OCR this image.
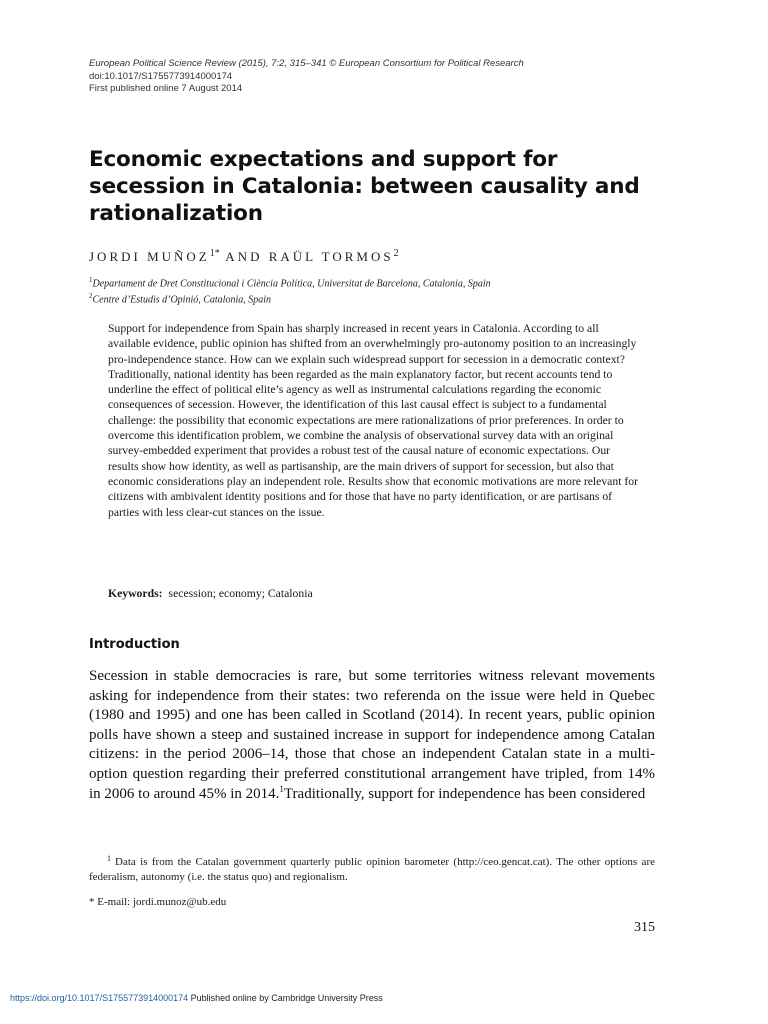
European Political Science Review (2015), 7:2, 315–341 © European Consortium for Political Research
doi:10.1017/S1755773914000174
First published online 7 August 2014
Economic expectations and support for secession in Catalonia: between causality and rationalization
JORDI $MUÑOZ^{1*}$ AND RAÜL TORMOS$^2$
$^1$Departament de Dret Constitucional i Ciència Política, Universitat de Barcelona, Catalonia, Spain
$^2$Centre d’Estudis d’Opinió, Catalonia, Spain

Support for independence from Spain has sharply increased in recent years in Catalonia. According to all available evidence, public opinion has shifted from an overwhelmingly pro-autonomy position to an increasingly pro-independence stance. How can we explain such widespread support for secession in a democratic context? Traditionally, national identity has been regarded as the main explanatory factor, but recent accounts tend to underline the effect of political elite’s agency as well as instrumental calculations regarding the economic consequences of secession. However, the identification of this last causal effect is subject to a fundamental challenge: the possibility that economic expectations are mere rationalizations of prior preferences. In order to overcome this identification problem, we combine the analysis of observational survey data with an original survey-embedded experiment that provides a robust test of the causal nature of economic expectations. Our results show how identity, as well as partisanship, are the main drivers of support for secession, but also that economic considerations play an independent role. Results show that economic motivations are more relevant for citizens with ambivalent identity positions and for those that have no party identification, or are partisans of parties with less clear-cut stances on the issue.

Keywords: secession; economy; Catalonia
Introduction

Secession in stable democracies is rare, but some territories witness relevant movements asking for independence from their states: two referenda on the issue were held in Quebec (1980 and 1995) and one has been called in Scotland (2014). In recent years, public opinion polls have shown a steep and sustained increase in support for independence among Catalan citizens: in the period 2006–14, those that chose an independent Catalan state in a multi-option question regarding their preferred constitutional arrangement have tripled, from 14% in 2006 to around 45% in 2014.$^1$Traditionally, support for independence has been considered

$^1$ Data is from the Catalan government quarterly public opinion barometer (http://ceo.gencat.cat). The other options are federalism, autonomy (i.e. the status quo) and regionalism.

* E-mail: jordi.munoz@ub.edu
315
https://doi.org/10.1017/S1755773914000174 Published online by Cambridge University Press
